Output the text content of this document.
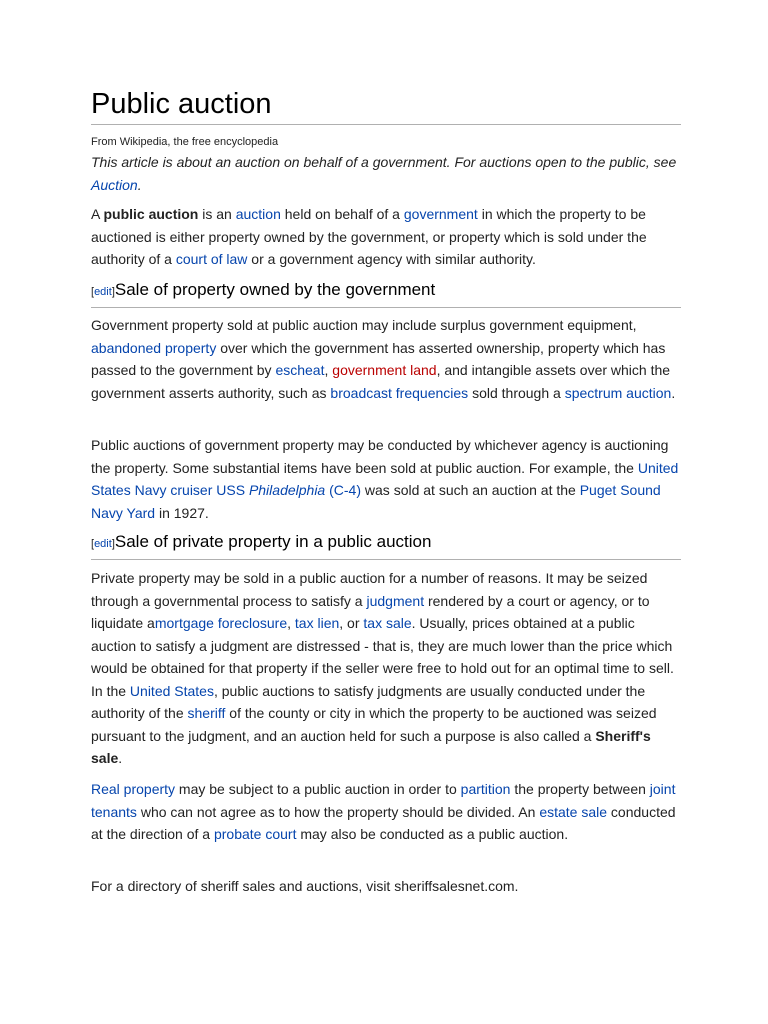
Public auction
From Wikipedia, the free encyclopedia

This article is about an auction on behalf of a government. For auctions open to the public, see Auction.

A public auction is an auction held on behalf of a government in which the property to be auctioned is either property owned by the government, or property which is sold under the authority of a court of law or a government agency with similar authority.

[edit]Sale of property owned by the government

Government property sold at public auction may include surplus government equipment, abandoned property over which the government has asserted ownership, property which has passed to the government by escheat, government land, and intangible assets over which the government asserts authority, such as broadcast frequencies sold through a spectrum auction.

Public auctions of government property may be conducted by whichever agency is auctioning the property. Some substantial items have been sold at public auction. For example, the United States Navy cruiser USS Philadelphia (C-4) was sold at such an auction at the Puget Sound Navy Yard in 1927.

[edit]Sale of private property in a public auction

Private property may be sold in a public auction for a number of reasons. It may be seized through a governmental process to satisfy a judgment rendered by a court or agency, or to liquidate amortgage foreclosure, tax lien, or tax sale. Usually, prices obtained at a public auction to satisfy a judgment are distressed - that is, they are much lower than the price which would be obtained for that property if the seller were free to hold out for an optimal time to sell. In the United States, public auctions to satisfy judgments are usually conducted under the authority of the sheriff of the county or city in which the property to be auctioned was seized pursuant to the judgment, and an auction held for such a purpose is also called a Sheriff's sale.

Real property may be subject to a public auction in order to partition the property between joint tenants who can not agree as to how the property should be divided. An estate sale conducted at the direction of a probate court may also be conducted as a public auction.

For a directory of sheriff sales and auctions, visit sheriffsalesnet.com.
